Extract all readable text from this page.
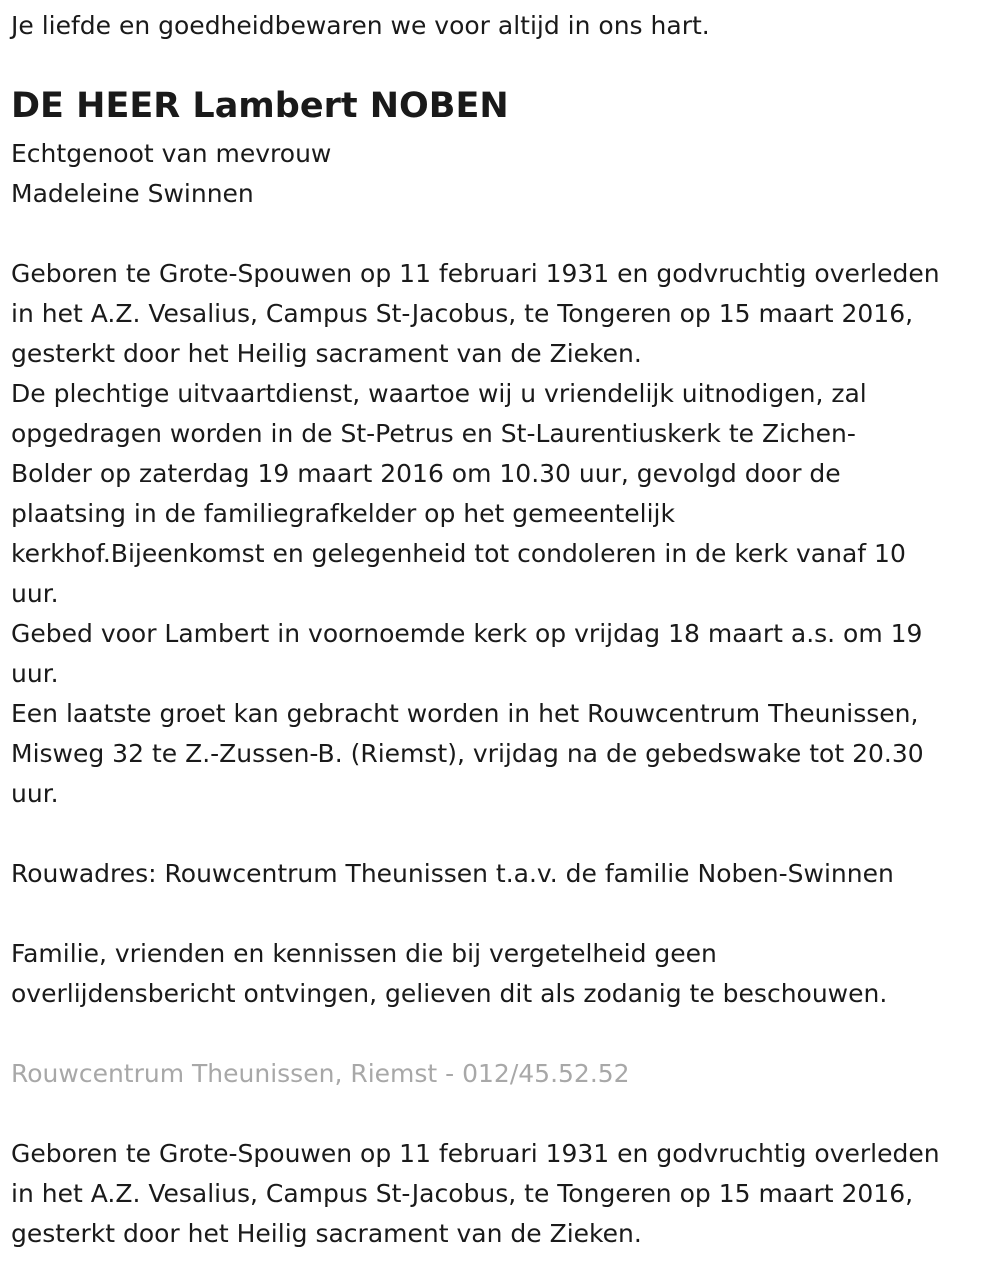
Je liefde en goedheidbewaren we voor altijd in ons hart.
DE HEER Lambert NOBEN
Echtgenoot van mevrouw
Madeleine Swinnen
Geboren te Grote-Spouwen op 11 februari 1931 en godvruchtig overleden
in het A.Z. Vesalius, Campus St-Jacobus, te Tongeren op 15 maart 2016,
gesterkt door het Heilig sacrament van de Zieken.
De plechtige uitvaartdienst, waartoe wij u vriendelijk uitnodigen, zal
opgedragen worden in de St-Petrus en St-Laurentiuskerk te Zichen-
Bolder op zaterdag 19 maart 2016 om 10.30 uur, gevolgd door de
plaatsing in de familiegrafkelder op het gemeentelijk
kerkhof.Bijeenkomst en gelegenheid tot condoleren in de kerk vanaf 10
uur.
Gebed voor Lambert in voornoemde kerk op vrijdag 18 maart a.s. om 19
uur.
Een laatste groet kan gebracht worden in het Rouwcentrum Theunissen,
Misweg 32 te Z.-Zussen-B. (Riemst), vrijdag na de gebedswake tot 20.30
uur.
Rouwadres: Rouwcentrum Theunissen t.a.v. de familie Noben-Swinnen
Familie, vrienden en kennissen die bij vergetelheid geen
overlijdensbericht ontvingen, gelieven dit als zodanig te beschouwen.
Rouwcentrum Theunissen, Riemst - 012/45.52.52
Geboren te Grote-Spouwen op 11 februari 1931 en godvruchtig overleden
in het A.Z. Vesalius, Campus St-Jacobus, te Tongeren op 15 maart 2016,
gesterkt door het Heilig sacrament van de Zieken.
